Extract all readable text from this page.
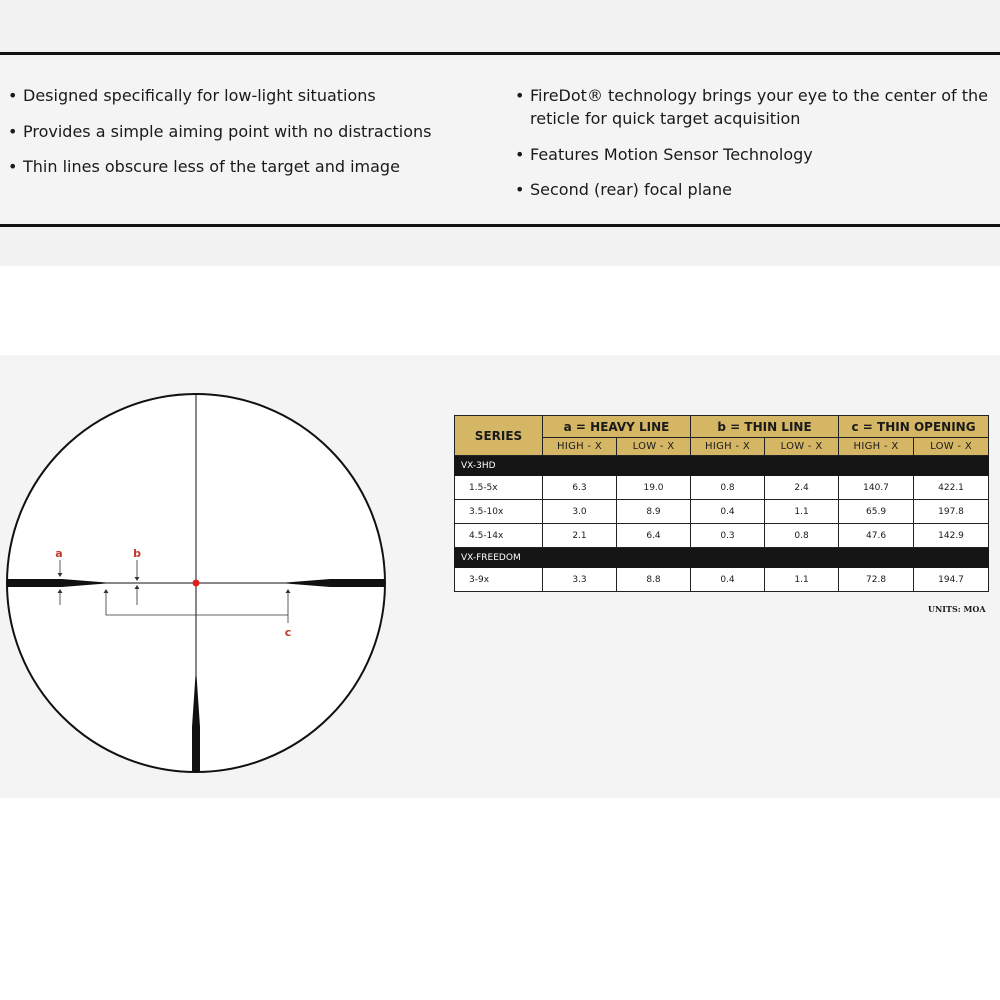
• Designed specifically for low-light situations
• Provides a simple aiming point with no distractions
• Thin lines obscure less of the target and image
• FireDot® technology brings your eye to the center of the reticle for quick target acquisition
• Features Motion Sensor Technology
• Second (rear) focal plane
a	b
c
SERIES	a = HEAVY LINE		b = THIN LINE		c = THIN OPENING	
	HIGH - X	LOW - X	HIGH - X	LOW - X	HIGH - X	LOW - X
VX-3HD						
1.5-5x	6.3	19.0	0.8	2.4	140.7	422.1
3.5-10x	3.0	8.9	0.4	1.1	65.9	197.8
4.5-14x	2.1	6.4	0.3	0.8	47.6	142.9
VX-FREEDOM						
3-9x	3.3	8.8	0.4	1.1	72.8	194.7
UNITS: MOA
